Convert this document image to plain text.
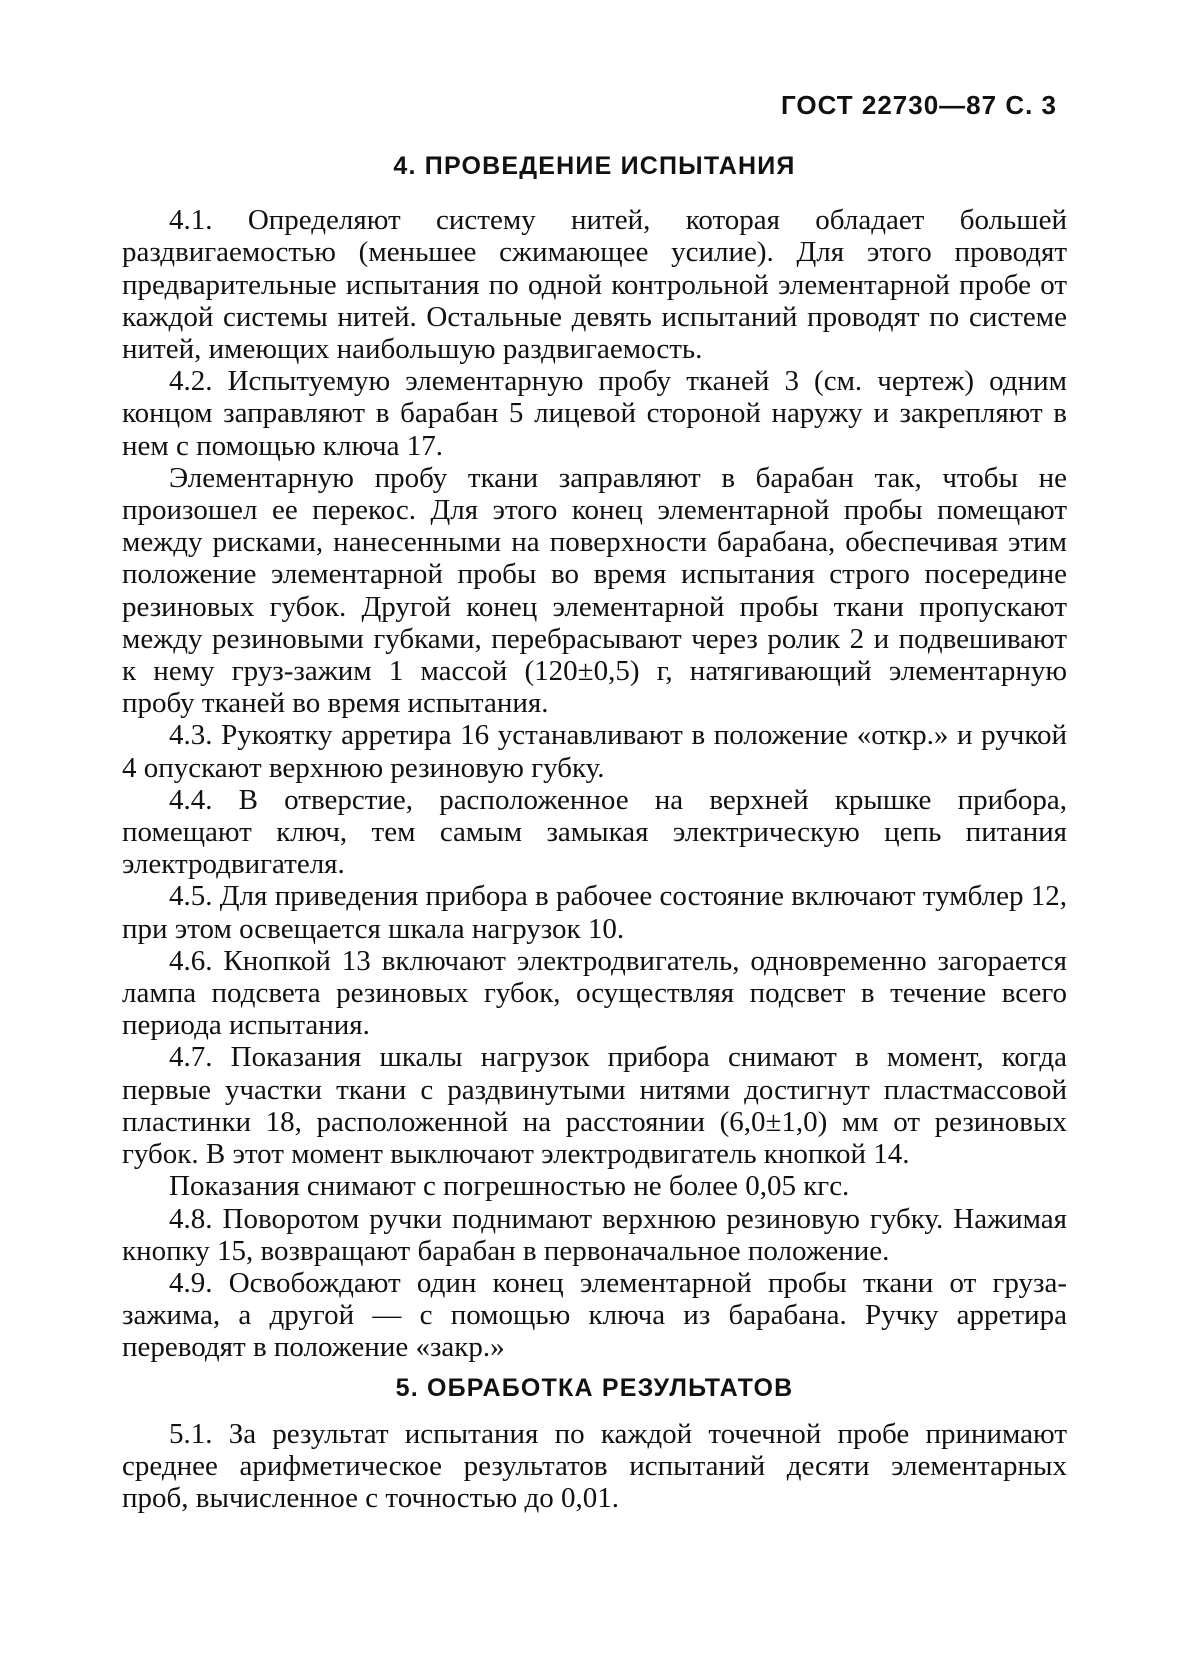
ГОСТ 22730—87 С. 3
4. ПРОВЕДЕНИЕ ИСПЫТАНИЯ

4.1. Определяют систему нитей, которая обладает большей раздвигаемостью (меньшее сжимающее усилие). Для этого проводят предварительные испытания по одной контрольной элементарной пробе от каждой системы нитей. Остальные девять испытаний проводят по системе нитей, имеющих наибольшую раздвигаемость.

4.2. Испытуемую элементарную пробу тканей 3 (см. чертеж) одним концом заправляют в барабан 5 лицевой стороной наружу и закрепляют в нем с помощью ключа 17.

Элементарную пробу ткани заправляют в барабан так, чтобы не произошел ее перекос. Для этого конец элементарной пробы помещают между рисками, нанесенными на поверхности барабана, обеспечивая этим положение элементарной пробы во время испытания строго посередине резиновых губок. Другой конец элементарной пробы ткани пропускают между резиновыми губками, перебрасывают через ролик 2 и подвешивают к нему груз-зажим 1 массой (120±0,5) г, натягивающий элементарную пробу тканей во время испытания.

4.3. Рукоятку арретира 16 устанавливают в положение «откр.» и ручкой 4 опускают верхнюю резиновую губку.

4.4. В отверстие, расположенное на верхней крышке прибора, помещают ключ, тем самым замыкая электрическую цепь питания электродвигателя.

4.5. Для приведения прибора в рабочее состояние включают тумблер 12, при этом освещается шкала нагрузок 10.

4.6. Кнопкой 13 включают электродвигатель, одновременно загорается лампа подсвета резиновых губок, осуществляя подсвет в течение всего периода испытания.

4.7. Показания шкалы нагрузок прибора снимают в момент, когда первые участки ткани с раздвинутыми нитями достигнут пластмассовой пластинки 18, расположенной на расстоянии (6,0±1,0) мм от резиновых губок. В этот момент выключают электродвигатель кнопкой 14.

Показания снимают с погрешностью не более 0,05 кгс.

4.8. Поворотом ручки поднимают верхнюю резиновую губку. Нажимая кнопку 15, возвращают барабан в первоначальное положение.

4.9. Освобождают один конец элементарной пробы ткани от груза-зажима, а другой — с помощью ключа из барабана. Ручку арретира переводят в положение «закр.»

5. ОБРАБОТКА РЕЗУЛЬТАТОВ

5.1. За результат испытания по каждой точечной пробе принимают среднее арифметическое результатов испытаний десяти элементарных проб, вычисленное с точностью до 0,01.
